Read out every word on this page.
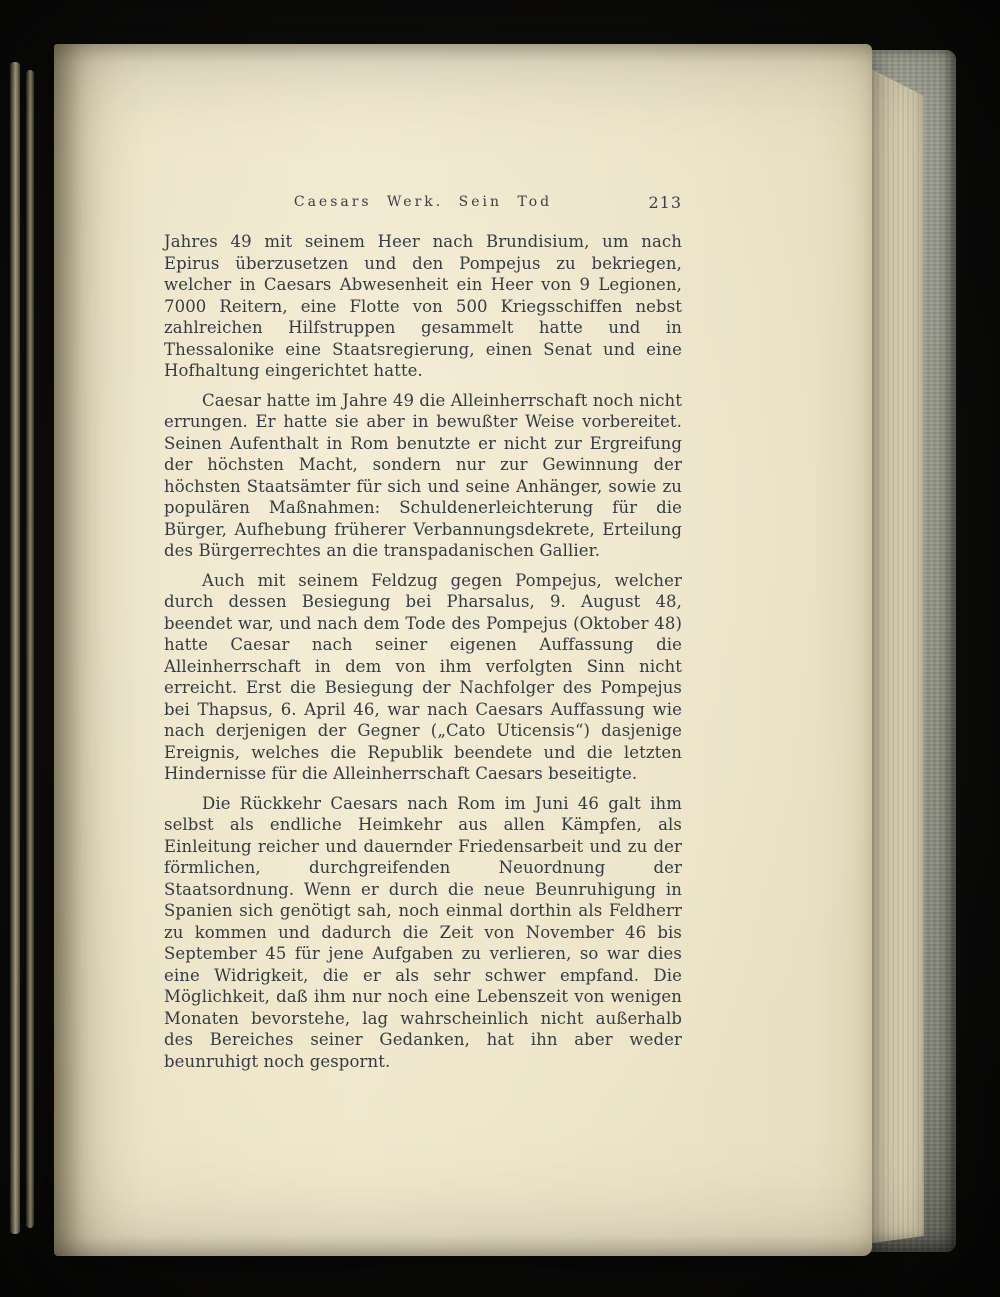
Caesars Werk. Sein Tod	213

Jahres 49 mit seinem Heer nach Brundisium, um nach Epirus überzusetzen und den Pompejus zu bekriegen, welcher in Caesars Abwesenheit ein Heer von 9 Legionen, 7000 Reitern, eine Flotte von 500 Kriegsschiffen nebst zahlreichen Hilfstruppen gesammelt hatte und in Thessalonike eine Staatsregierung, einen Senat und eine Hofhaltung eingerichtet hatte.

Caesar hatte im Jahre 49 die Alleinherrschaft noch nicht errungen. Er hatte sie aber in bewußter Weise vorbereitet. Seinen Aufenthalt in Rom benutzte er nicht zur Ergreifung der höchsten Macht, sondern nur zur Gewinnung der höchsten Staatsämter für sich und seine Anhänger, sowie zu populären Maßnahmen: Schuldenerleichterung für die Bürger, Aufhebung früherer Verbannungsdekrete, Erteilung des Bürgerrechtes an die transpadanischen Gallier.

Auch mit seinem Feldzug gegen Pompejus, welcher durch dessen Besiegung bei Pharsalus, 9. August 48, beendet war, und nach dem Tode des Pompejus (Oktober 48) hatte Caesar nach seiner eigenen Auffassung die Alleinherrschaft in dem von ihm verfolgten Sinn nicht erreicht. Erst die Besiegung der Nachfolger des Pompejus bei Thapsus, 6. April 46, war nach Caesars Auffassung wie nach derjenigen der Gegner („Cato Uticensis“) dasjenige Ereignis, welches die Republik beendete und die letzten Hindernisse für die Alleinherrschaft Caesars beseitigte.

Die Rückkehr Caesars nach Rom im Juni 46 galt ihm selbst als endliche Heimkehr aus allen Kämpfen, als Einleitung reicher und dauernder Friedensarbeit und zu der förmlichen, durchgreifenden Neuordnung der Staatsordnung. Wenn er durch die neue Beunruhigung in Spanien sich genötigt sah, noch einmal dorthin als Feldherr zu kommen und dadurch die Zeit von November 46 bis September 45 für jene Aufgaben zu verlieren, so war dies eine Widrigkeit, die er als sehr schwer empfand. Die Möglichkeit, daß ihm nur noch eine Lebenszeit von wenigen Monaten bevorstehe, lag wahrscheinlich nicht außerhalb des Bereiches seiner Gedanken, hat ihn aber weder beunruhigt noch gespornt.
